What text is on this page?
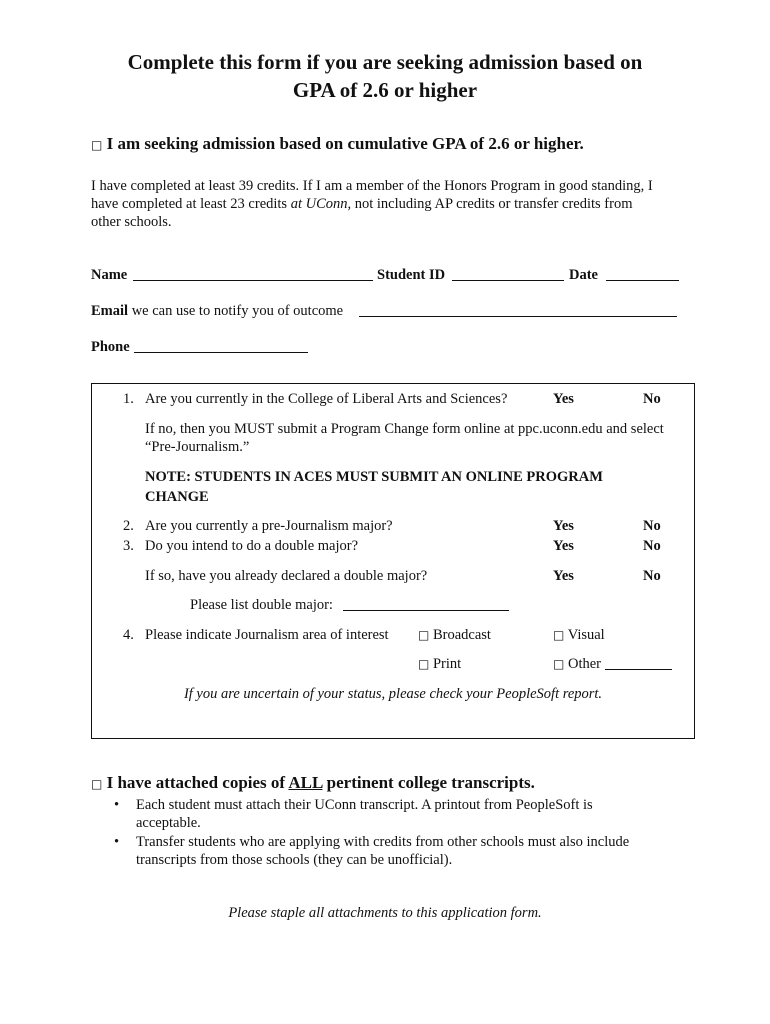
Complete this form if you are seeking admission based on
GPA of 2.6 or higher
□ I am seeking admission based on cumulative GPA of 2.6 or higher.
I have completed at least 39 credits. If I am a member of the Honors Program in good standing, I
have completed at least 23 credits at UConn, not including AP credits or transfer credits from
other schools.
Name	Student ID	Date
Email we can use to notify you of outcome
Phone
1. Are you currently in the College of Liberal Arts and Sciences?	Yes	No
If no, then you MUST submit a Program Change form online at ppc.uconn.edu and select
“Pre-Journalism.”
NOTE: STUDENTS IN ACES MUST SUBMIT AN ONLINE PROGRAM
CHANGE
2. Are you currently a pre-Journalism major?	Yes	No
3. Do you intend to do a double major?	Yes	No
If so, have you already declared a double major?	Yes	No
Please list double major:
4. Please indicate Journalism area of interest □ Broadcast	□ Visual
□ Print	□ Other
If you are uncertain of your status, please check your PeopleSoft report.
□ I have attached copies of ALL pertinent college transcripts.
• Each student must attach their UConn transcript. A printout from PeopleSoft is
acceptable.
• Transfer students who are applying with credits from other schools must also include
transcripts from those schools (they can be unofficial).
Please staple all attachments to this application form.
